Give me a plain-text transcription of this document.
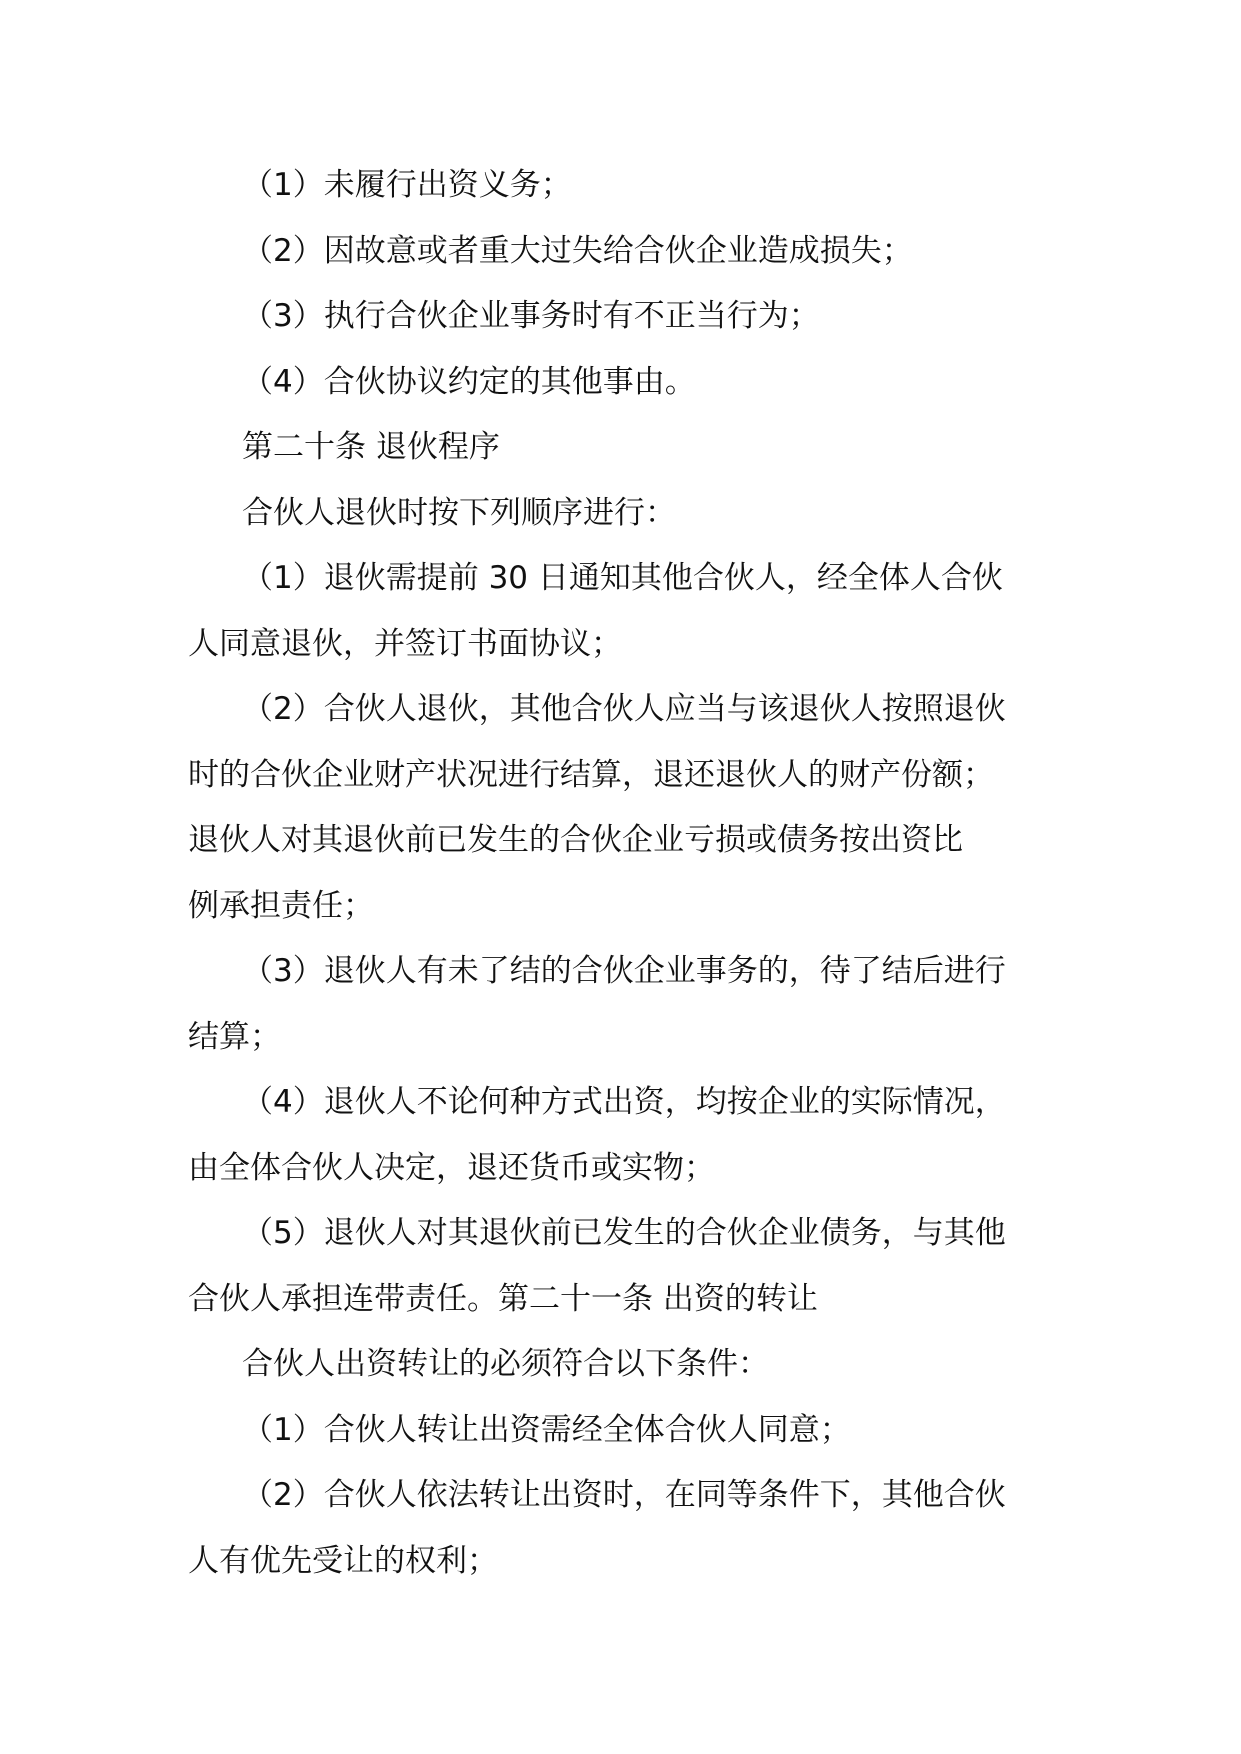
（1）未履行出资义务；

（2）因故意或者重大过失给合伙企业造成损失；

（3）执行合伙企业事务时有不正当行为；

（4）合伙协议约定的其他事由。

第二十条 退伙程序

合伙人退伙时按下列顺序进行：

（1）退伙需提前 30 日通知其他合伙人，经全体人合伙
人同意退伙，并签订书面协议；

（2）合伙人退伙，其他合伙人应当与该退伙人按照退伙
时的合伙企业财产状况进行结算，退还退伙人的财产份额；
退伙人对其退伙前已发生的合伙企业亏损或债务按出资比
例承担责任；

（3）退伙人有未了结的合伙企业事务的，待了结后进行
结算；

（4）退伙人不论何种方式出资，均按企业的实际情况，
由全体合伙人决定，退还货币或实物；

（5）退伙人对其退伙前已发生的合伙企业债务，与其他
合伙人承担连带责任。第二十一条 出资的转让

合伙人出资转让的必须符合以下条件：

（1）合伙人转让出资需经全体合伙人同意；

（2）合伙人依法转让出资时，在同等条件下，其他合伙
人有优先受让的权利；
